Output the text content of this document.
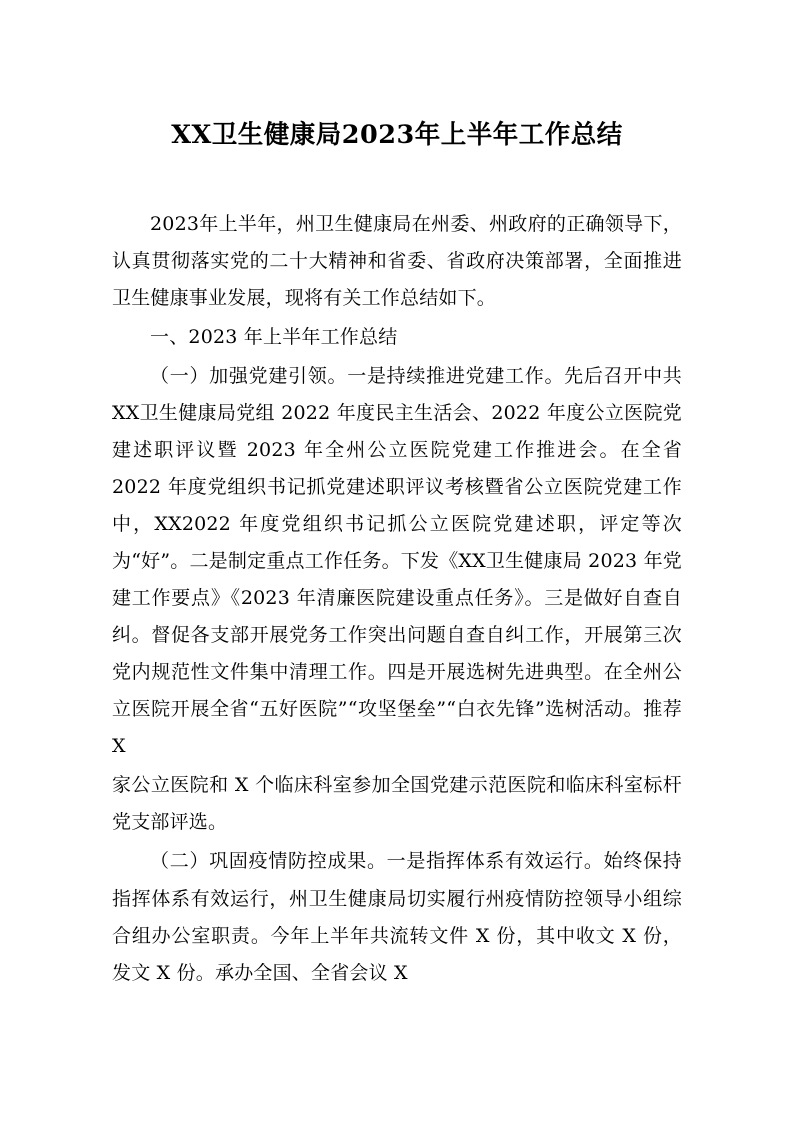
XX卫生健康局2023年上半年工作总结

2023年上半年，州卫生健康局在州委、州政府的正确领导下，认真贯彻落实党的二十大精神和省委、省政府决策部署，全面推进卫生健康事业发展，现将有关工作总结如下。

一、2023 年上半年工作总结

（一）加强党建引领。一是持续推进党建工作。先后召开中共XX卫生健康局党组 2022 年度民主生活会、2022 年度公立医院党建述职评议暨 2023 年全州公立医院党建工作推进会。在全省 2022 年度党组织书记抓党建述职评议考核暨省公立医院党建工作中，XX2022 年度党组织书记抓公立医院党建述职，评定等次为“好”。二是制定重点工作任务。下发《XX卫生健康局 2023 年党建工作要点》《2023 年清廉医院建设重点任务》。三是做好自查自纠。督促各支部开展党务工作突出问题自查自纠工作，开展第三次党内规范性文件集中清理工作。四是开展选树先进典型。在全州公立医院开展全省“五好医院”“攻坚堡垒”“白衣先锋”选树活动。推荐X

家公立医院和 X 个临床科室参加全国党建示范医院和临床科室标杆党支部评选。

（二）巩固疫情防控成果。一是指挥体系有效运行。始终保持指挥体系有效运行，州卫生健康局切实履行州疫情防控领导小组综合组办公室职责。今年上半年共流转文件 X 份，其中收文 X 份，发文 X 份。承办全国、全省会议 X
